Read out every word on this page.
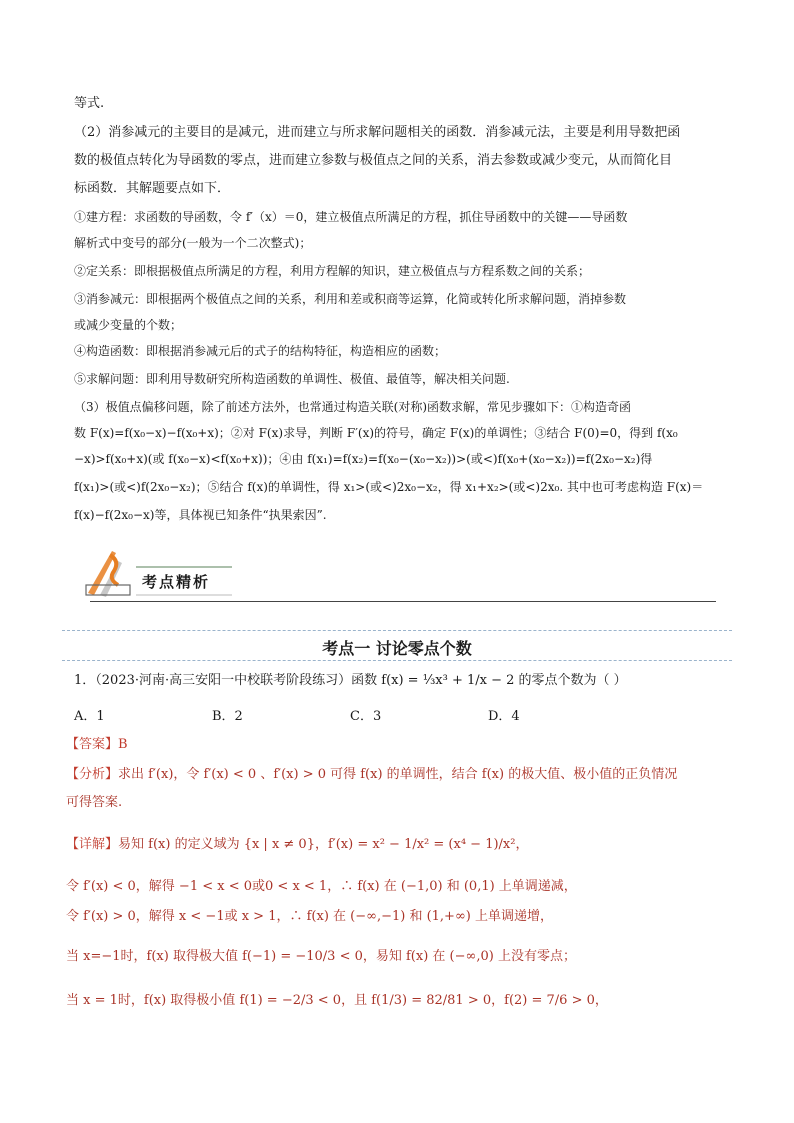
等式.
（2）消参减元的主要目的是减元，进而建立与所求解问题相关的函数．消参减元法，主要是利用导数把函
数的极值点转化为导函数的零点，进而建立参数与极值点之间的关系，消去参数或减少变元，从而简化目
标函数．其解题要点如下．
①建方程：求函数的导函数，令 f′（x）＝0，建立极值点所满足的方程，抓住导函数中的关键——导函数
解析式中变号的部分(一般为一个二次整式)；
②定关系：即根据极值点所满足的方程，利用方程解的知识，建立极值点与方程系数之间的关系；
③消参减元：即根据两个极值点之间的关系，利用和差或积商等运算，化简或转化所求解问题，消掉参数
或减少变量的个数；
④构造函数：即根据消参减元后的式子的结构特征，构造相应的函数；
⑤求解问题：即利用导数研究所构造函数的单调性、极值、最值等，解决相关问题.
（3）极值点偏移问题，除了前述方法外，也常通过构造关联(对称)函数求解，常见步骤如下：①构造奇函
数 F(x)=f(x₀−x)−f(x₀+x)；②对 F(x)求导，判断 F′(x)的符号，确定 F(x)的单调性；③结合 F(0)=0，得到 f(x₀
−x)>f(x₀+x)(或 f(x₀−x)<f(x₀+x))；④由 f(x₁)=f(x₂)=f(x₀−(x₀−x₂))>(或<)f(x₀+(x₀−x₂))=f(2x₀−x₂)得
f(x₁)>(或<)f(2x₀−x₂)；⑤结合 f(x)的单调性，得 x₁>(或<)2x₀−x₂，得 x₁+x₂>(或<)2x₀. 其中也可考虑构造 F(x)＝
f(x)−f(2x₀−x)等，具体视已知条件“执果索因”.
考点精析
考点一 讨论零点个数
1．（2023·河南·高三安阳一中校联考阶段练习）函数 f(x) = ⅓x³ + 1/x − 2 的零点个数为（ ）
A．1	B．2	C．3	D．4
【答案】B
【分析】求出 f′(x)，令 f′(x) < 0 、f′(x) > 0 可得 f(x) 的单调性，结合 f(x) 的极大值、极小值的正负情况
可得答案.
【详解】易知 f(x) 的定义域为 {x | x ≠ 0}，f′(x) = x² − 1/x² = (x⁴ − 1)/x²，
令 f′(x) < 0，解得 −1 < x < 0或0 < x < 1，∴ f(x) 在 (−1,0) 和 (0,1) 上单调递减，
令 f′(x) > 0，解得 x < −1或 x > 1，∴ f(x) 在 (−∞,−1) 和 (1,+∞) 上单调递增，
当 x=−1时，f(x) 取得极大值 f(−1) = −10/3 < 0，易知 f(x) 在 (−∞,0) 上没有零点；
当 x = 1时，f(x) 取得极小值 f(1) = −2/3 < 0，且 f(1/3) = 82/81 > 0，f(2) = 7/6 > 0，
